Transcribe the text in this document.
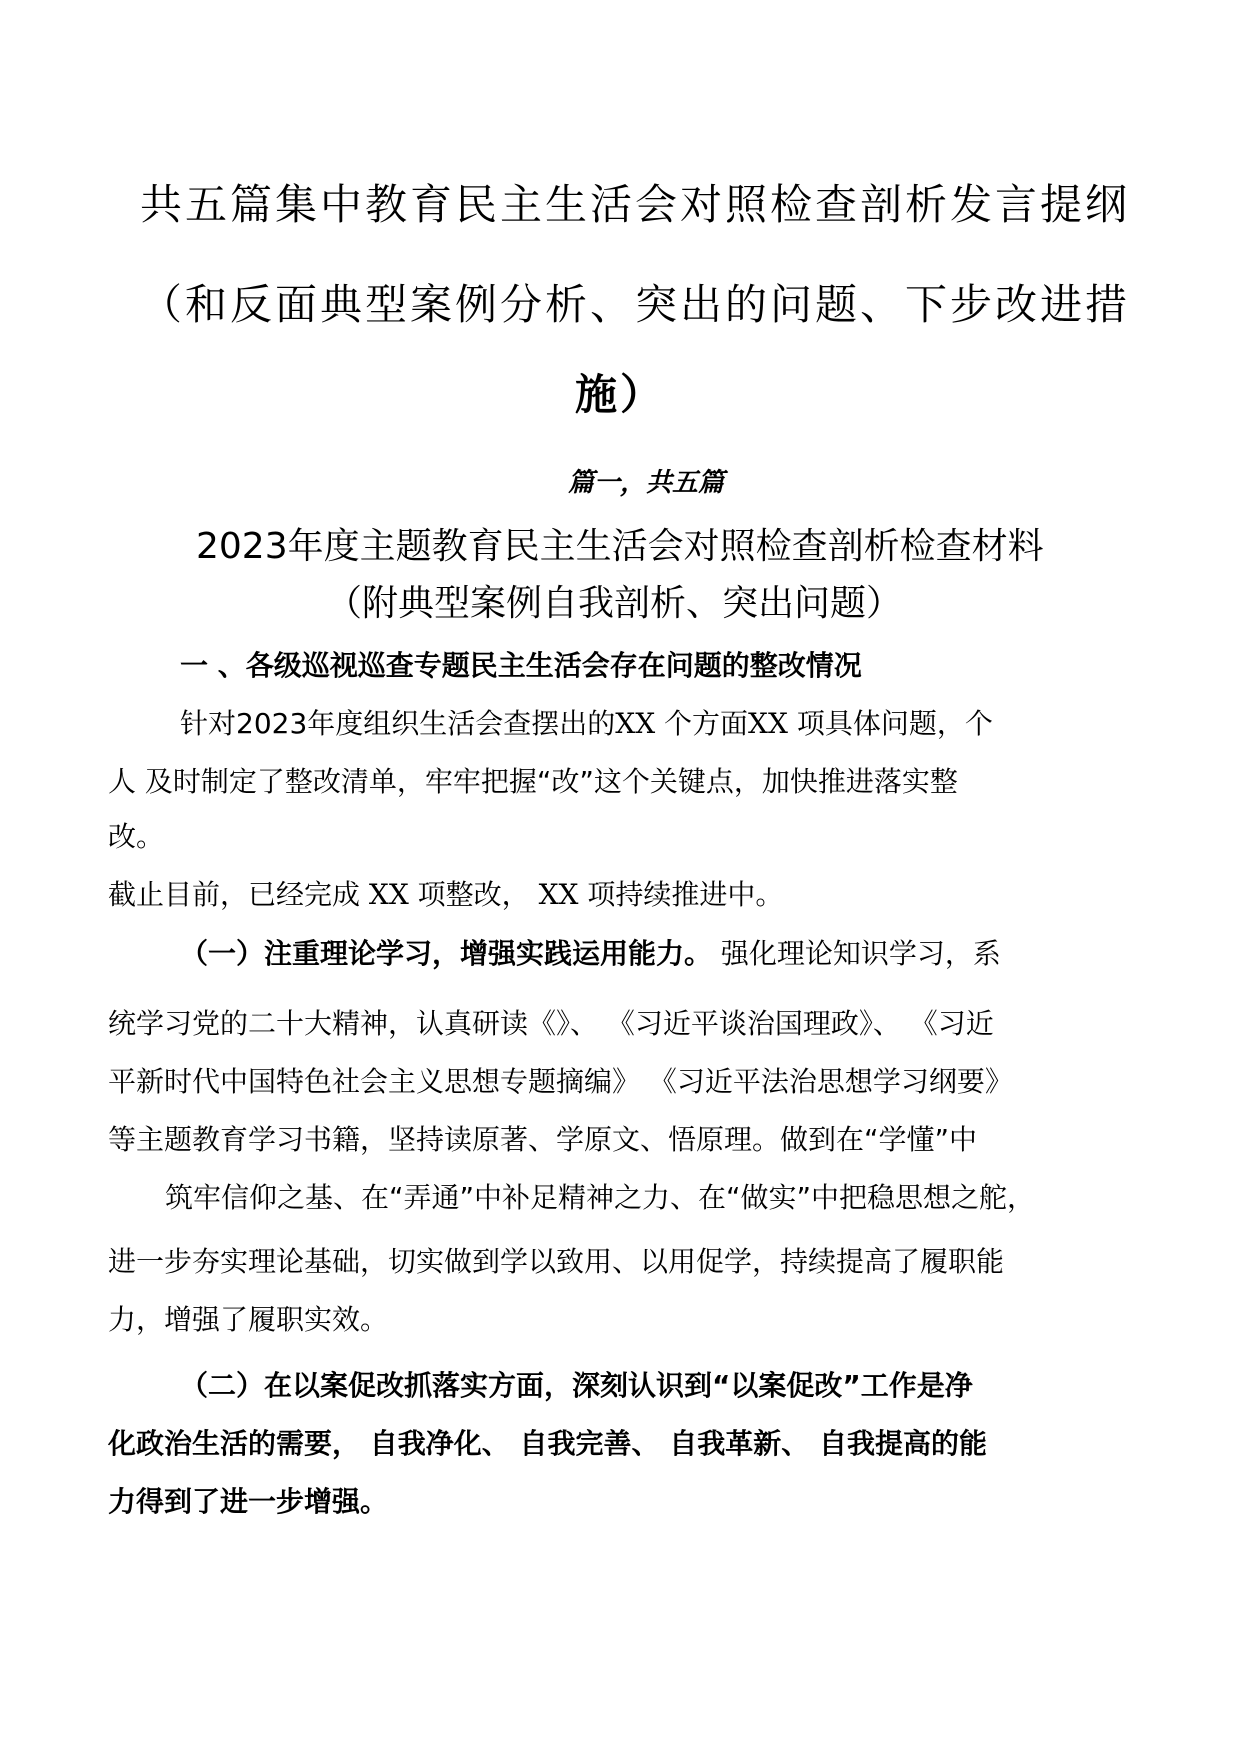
共五篇集中教育民主生活会对照检查剖析发言提纲

（和反面典型案例分析、突出的问题、下步改进措

施）

篇一，共五篇

2023年度主题教育民主生活会对照检查剖析检查材料

（附典型案例自我剖析、突出问题）

一 、各级巡视巡查专题民主生活会存在问题的整改情况

针对2023年度组织生活会查摆出的XX 个方面XX 项具体问题，个

人 及时制定了整改清单，牢牢把握“改”这个关键点，加快推进落实整

改。

截止目前，已经完成 XX 项整改， XX 项持续推进中。

（一）注重理论学习，增强实践运用能力。 强化理论知识学习，系

统学习党的二十大精神，认真研读《》、 《习近平谈治国理政》、 《习近

平新时代中国特色社会主义思想专题摘编》 《习近平法治思想学习纲要》

等主题教育学习书籍，坚持读原著、学原文、悟原理。做到在“学懂”中

筑牢信仰之基、在“弄通”中补足精神之力、在“做实”中把稳思想之舵，

进一步夯实理论基础，切实做到学以致用、以用促学，持续提高了履职能

力，增强了履职实效。

（二）在以案促改抓落实方面，深刻认识到“以案促改”工作是净

化政治生活的需要， 自我净化、 自我完善、 自我革新、 自我提高的能

力得到了进一步增强。
